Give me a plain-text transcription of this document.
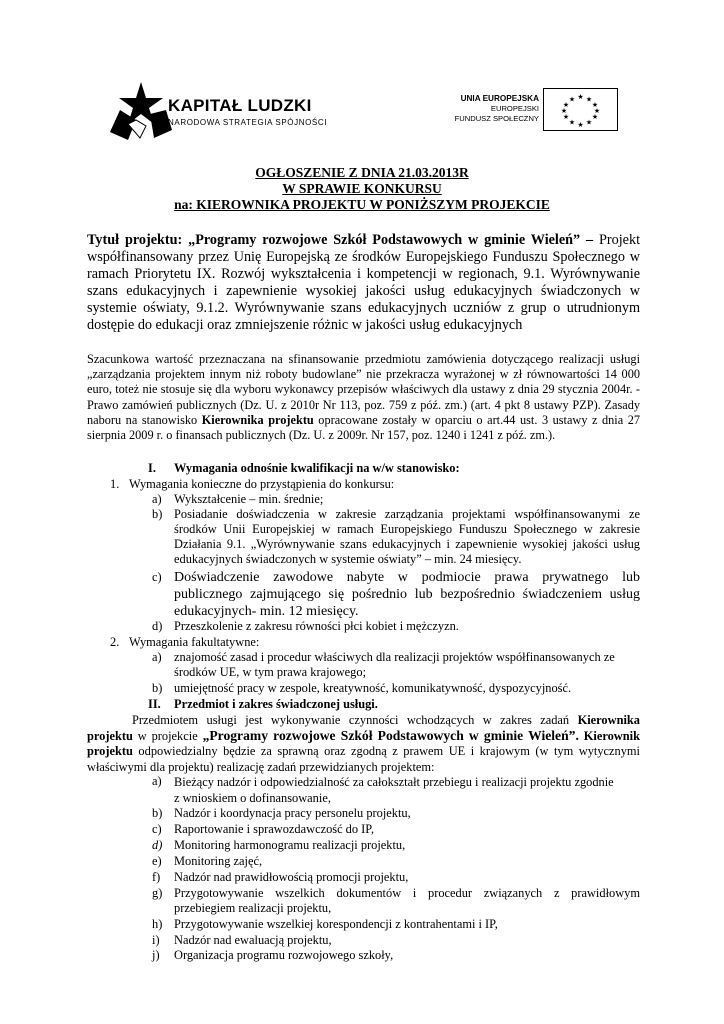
KAPITAŁ LUDZKI
NARODOWA STRATEGIA SPÓJNOŚCI
UNIA EUROPEJSKA
EUROPEJSKI
FUNDUSZ SPOŁECZNY
★ ★
★
★
★
★
★
★
★
★
★
★
OGŁOSZENIE Z DNIA 21.03.2013R
W SPRAWIE KONKURSU
na: KIEROWNIKA PROJEKTU W PONIŻSZYM PROJEKCIE
Tytuł projektu: „Programy rozwojowe Szkół Podstawowych w gminie Wieleń” – Projekt współfinansowany przez Unię Europejską ze środków Europejskiego Funduszu Społecznego w ramach Priorytetu IX. Rozwój wykształcenia i kompetencji w regionach, 9.1. Wyrównywanie szans edukacyjnych i zapewnienie wysokiej jakości usług edukacyjnych świadczonych w systemie oświaty, 9.1.2. Wyrównywanie szans edukacyjnych uczniów z grup o utrudnionym dostępie do edukacji oraz zmniejszenie różnic w jakości usług edukacyjnych
Szacunkowa wartość przeznaczana na sfinansowanie przedmiotu zamówienia dotyczącego realizacji usługi „zarządzania projektem innym niż roboty budowlane” nie przekracza wyrażonej w zł równowartości 14 000 euro, toteż nie stosuje się dla wyboru wykonawcy przepisów właściwych dla ustawy z dnia 29 stycznia 2004r. - Prawo zamówień publicznych (Dz. U. z 2010r Nr 113, poz. 759 z póź. zm.) (art. 4 pkt 8 ustawy PZP). Zasady naboru na stanowisko Kierownika projektu opracowane zostały w oparciu o art.44 ust. 3 ustawy z dnia 27 sierpnia 2009 r. o finansach publicznych (Dz. U. z 2009r. Nr 157, poz. 1240 i 1241 z póź. zm.).
I. Wymagania odnośnie kwalifikacji na w/w stanowisko:
1. Wymagania konieczne do przystąpienia do konkursu:
a) Wykształcenie – min. średnie;
b) Posiadanie doświadczenia w zakresie zarządzania projektami współfinansowanymi ze środków Unii Europejskiej w ramach Europejskiego Funduszu Społecznego w zakresie Działania 9.1. „Wyrównywanie szans edukacyjnych i zapewnienie wysokiej jakości usług edukacyjnych świadczonych w systemie oświaty” – min. 24 miesięcy.
c) Doświadczenie zawodowe nabyte w podmiocie prawa prywatnego lub publicznego zajmującego się pośrednio lub bezpośrednio świadczeniem usług edukacyjnych- min. 12 miesięcy.
d) Przeszkolenie z zakresu równości płci kobiet i mężczyzn.
2. Wymagania fakultatywne:
a) znajomość zasad i procedur właściwych dla realizacji projektów współfinansowanych ze środków UE, w tym prawa krajowego;
b) umiejętność pracy w zespole, kreatywność, komunikatywność, dyspozycyjność.
II. Przedmiot i zakres świadczonej usługi.
Przedmiotem usługi jest wykonywanie czynności wchodzących w zakres zadań Kierownika projektu w projekcie „Programy rozwojowe Szkół Podstawowych w gminie Wieleń”. Kierownik projektu odpowiedzialny będzie za sprawną oraz zgodną z prawem UE i krajowym (w tym wytycznymi właściwymi dla projektu) realizację zadań przewidzianych projektem:
a) Bieżący nadzór i odpowiedzialność za całokształt przebiegu i realizacji projektu zgodnie z wnioskiem o dofinansowanie,
b) Nadzór i koordynacja pracy personelu projektu,
c) Raportowanie i sprawozdawczość do IP,
d) Monitoring harmonogramu realizacji projektu,
e) Monitoring zajęć,
f) Nadzór nad prawidłowością promocji projektu,
g) Przygotowywanie wszelkich dokumentów i procedur związanych z prawidłowym przebiegiem realizacji projektu,
h) Przygotowywanie wszelkiej korespondencji z kontrahentami i IP,
i) Nadzór nad ewaluacją projektu,
j) Organizacja programu rozwojowego szkoły,
